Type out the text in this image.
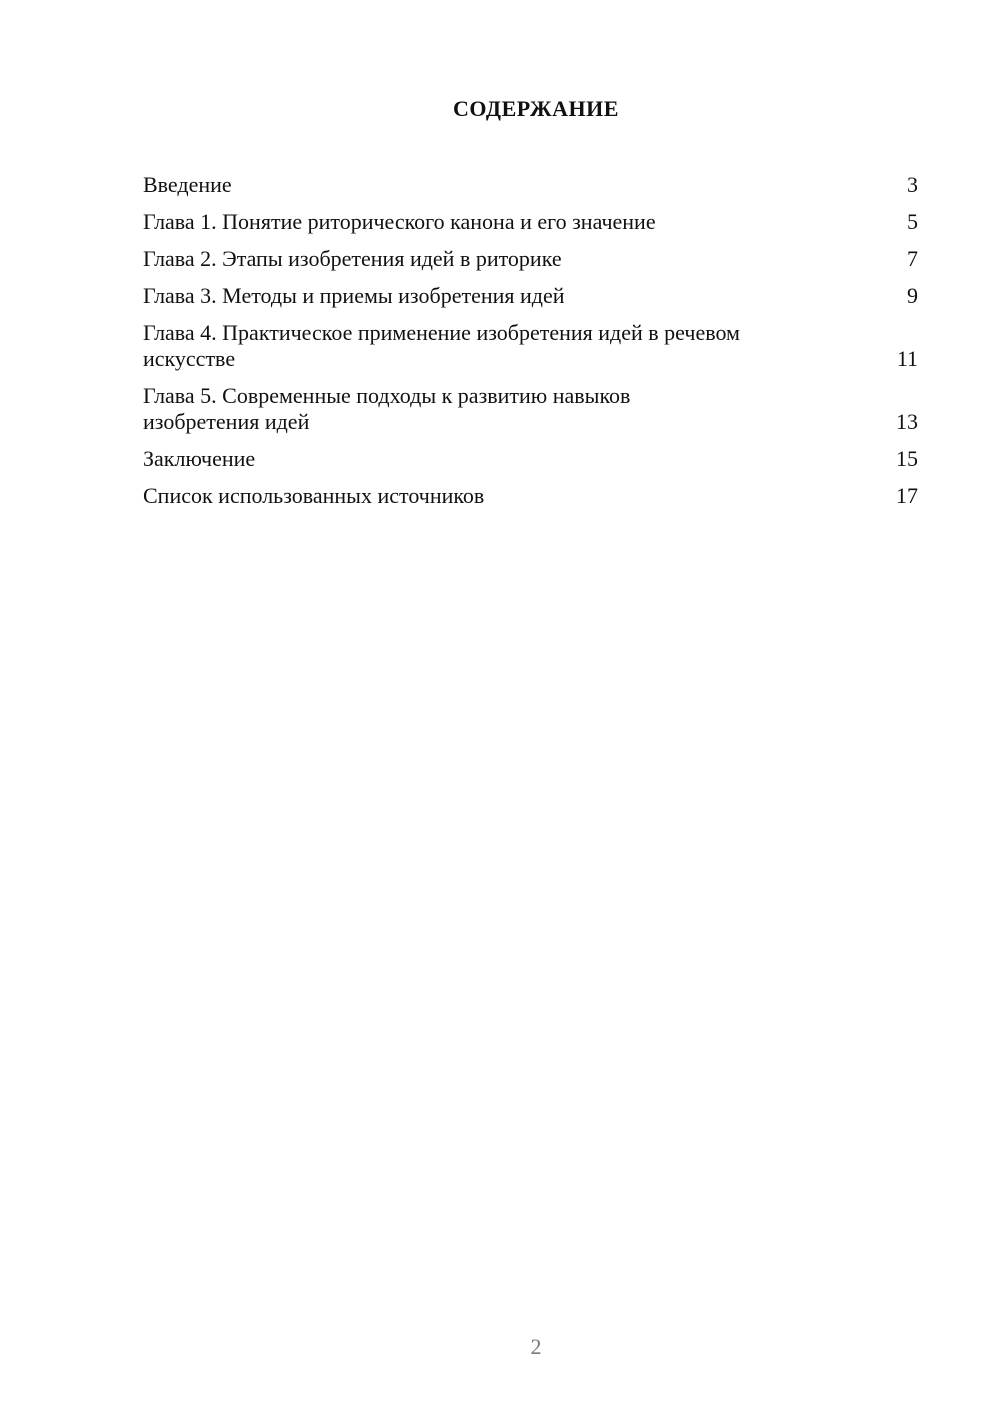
СОДЕРЖАНИЕ
Введение	3
Глава 1. Понятие риторического канона и его значение	5
Глава 2. Этапы изобретения идей в риторике	7
Глава 3. Методы и приемы изобретения идей	9
Глава 4. Практическое применение изобретения идей в речевом искусстве	11
Глава 5. Современные подходы к развитию навыков изобретения идей	13
Заключение	15
Список использованных источников	17
2
